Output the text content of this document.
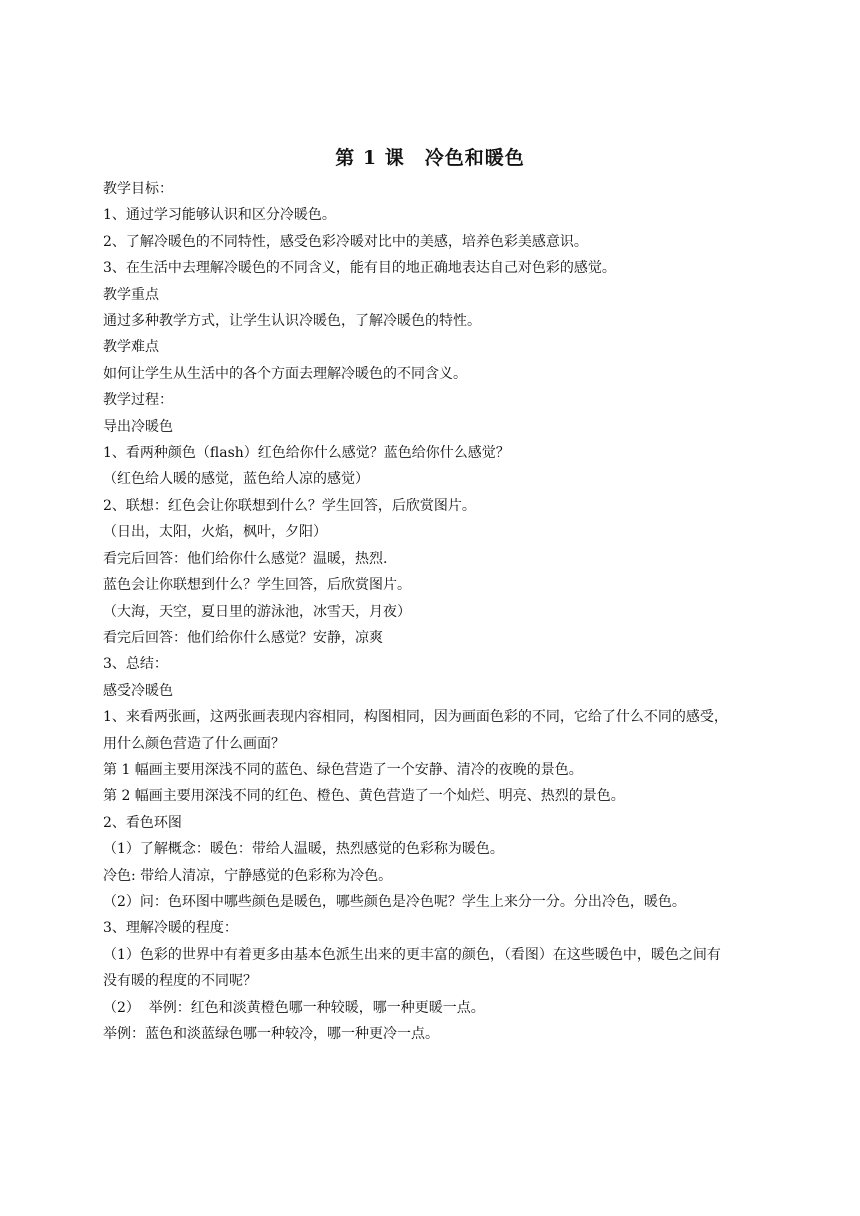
第 1 课　冷色和暖色
教学目标：
1、通过学习能够认识和区分冷暖色。
2、了解冷暖色的不同特性，感受色彩冷暖对比中的美感，培养色彩美感意识。
3、在生活中去理解冷暖色的不同含义，能有目的地正确地表达自己对色彩的感觉。
教学重点
通过多种教学方式，让学生认识冷暖色，了解冷暖色的特性。
教学难点
如何让学生从生活中的各个方面去理解冷暖色的不同含义。
教学过程：
导出冷暖色
1、看两种颜色（flash）红色给你什么感觉？蓝色给你什么感觉？
（红色给人暖的感觉，蓝色给人凉的感觉）
2、联想：红色会让你联想到什么？学生回答，后欣赏图片。
（日出，太阳，火焰，枫叶，夕阳）
看完后回答：他们给你什么感觉？温暖，热烈.
蓝色会让你联想到什么？学生回答，后欣赏图片。
（大海，天空，夏日里的游泳池，冰雪天，月夜）
看完后回答：他们给你什么感觉？安静，凉爽
3、总结：
感受冷暖色
1、来看两张画，这两张画表现内容相同，构图相同，因为画面色彩的不同，它给了什么不同的感受，
用什么颜色营造了什么画面？
第 1 幅画主要用深浅不同的蓝色、绿色营造了一个安静、清冷的夜晚的景色。
第 2 幅画主要用深浅不同的红色、橙色、黄色营造了一个灿烂、明亮、热烈的景色。
2、看色环图
（1）了解概念：暖色：带给人温暖，热烈感觉的色彩称为暖色。
冷色: 带给人清凉，宁静感觉的色彩称为冷色。
（2）问：色环图中哪些颜色是暖色，哪些颜色是冷色呢？学生上来分一分。分出冷色，暖色。
3、理解冷暖的程度：
（1）色彩的世界中有着更多由基本色派生出来的更丰富的颜色，（看图）在这些暖色中，暖色之间有
没有暖的程度的不同呢？
（2）  举例：红色和淡黄橙色哪一种较暖，哪一种更暖一点。
举例：蓝色和淡蓝绿色哪一种较冷，哪一种更冷一点。
